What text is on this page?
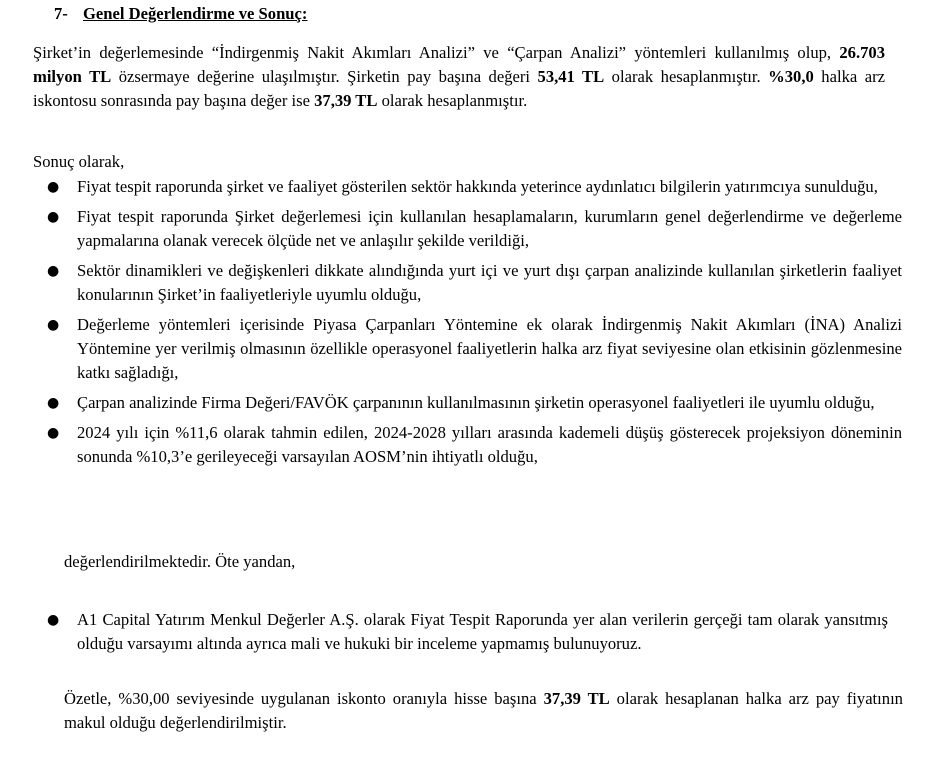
7- Genel Değerlendirme ve Sonuç:

Şirket’in değerlemesinde “İndirgenmiş Nakit Akımları Analizi” ve “Çarpan Analizi” yöntemleri kullanılmış olup, 26.703 milyon TL özsermaye değerine ulaşılmıştır. Şirketin pay başına değeri 53,41 TL olarak hesaplanmıştır. %30,0 halka arz iskontosu sonrasında pay başına değer ise 37,39 TL olarak hesaplanmıştır.

Sonuç olarak,

● Fiyat tespit raporunda şirket ve faaliyet gösterilen sektör hakkında yeterince aydınlatıcı bilgilerin yatırımcıya sunulduğu,
● Fiyat tespit raporunda Şirket değerlemesi için kullanılan hesaplamaların, kurumların genel değerlendirme ve değerleme yapmalarına olanak verecek ölçüde net ve anlaşılır şekilde verildiği,
● Sektör dinamikleri ve değişkenleri dikkate alındığında yurt içi ve yurt dışı çarpan analizinde kullanılan şirketlerin faaliyet konularının Şirket’in faaliyetleriyle uyumlu olduğu,
● Değerleme yöntemleri içerisinde Piyasa Çarpanları Yöntemine ek olarak İndirgenmiş Nakit Akımları (İNA) Analizi Yöntemine yer verilmiş olmasının özellikle operasyonel faaliyetlerin halka arz fiyat seviyesine olan etkisinin gözlenmesine katkı sağladığı,
● Çarpan analizinde Firma Değeri/FAVÖK çarpanının kullanılmasının şirketin operasyonel faaliyetleri ile uyumlu olduğu,
● 2024 yılı için %11,6 olarak tahmin edilen, 2024-2028 yılları arasında kademeli düşüş gösterecek projeksiyon döneminin sonunda %10,3’e gerileyeceği varsayılan AOSM’nin ihtiyatlı olduğu,

değerlendirilmektedir. Öte yandan,

● A1 Capital Yatırım Menkul Değerler A.Ş. olarak Fiyat Tespit Raporunda yer alan verilerin gerçeği tam olarak yansıtmış olduğu varsayımı altında ayrıca mali ve hukuki bir inceleme yapmamış bulunuyoruz.

Özetle, %30,00 seviyesinde uygulanan iskonto oranıyla hisse başına 37,39 TL olarak hesaplanan halka arz pay fiyatının makul olduğu değerlendirilmiştir.
